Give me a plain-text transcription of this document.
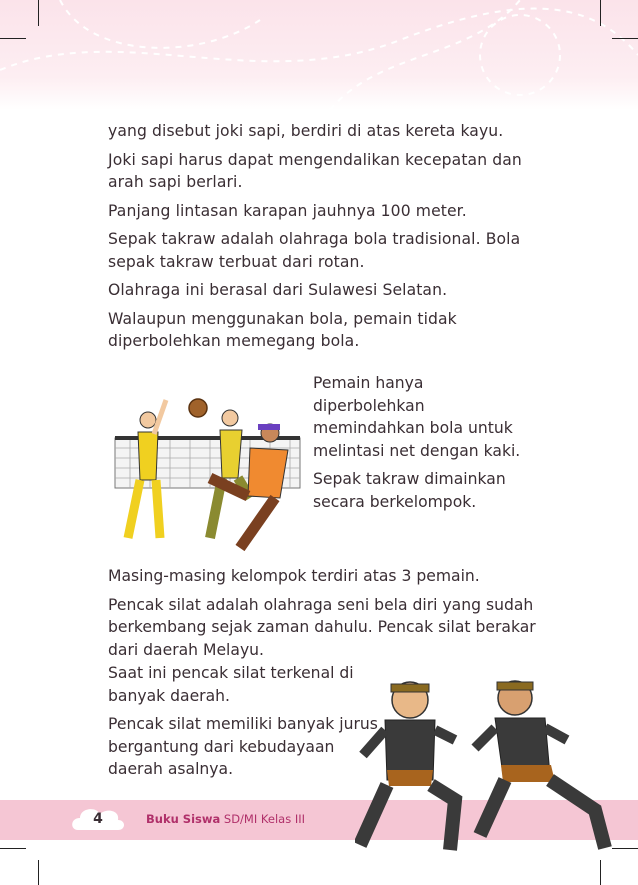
yang disebut joki sapi, berdiri di atas kereta kayu.

Joki sapi harus dapat mengendalikan kecepatan dan arah sapi berlari.

Panjang lintasan karapan jauhnya 100 meter.

Sepak takraw adalah olahraga bola tradisional. Bola sepak takraw terbuat dari rotan.

Olahraga ini berasal dari Sulawesi Selatan.

Walaupun menggunakan bola, pemain tidak diperbolehkan memegang bola.

Pemain hanya diperbolehkan memindahkan bola untuk melintasi net dengan kaki.

Sepak takraw dimainkan secara berkelompok.

Masing-masing kelompok terdiri atas 3 pemain.

Pencak silat adalah olahraga seni bela diri yang sudah berkembang sejak zaman dahulu. Pencak silat berakar dari daerah Melayu.

Saat ini pencak silat terkenal di banyak daerah.

Pencak silat memiliki banyak jurus bergantung dari kebudayaan daerah asalnya.

4	Buku Siswa SD/MI Kelas III
